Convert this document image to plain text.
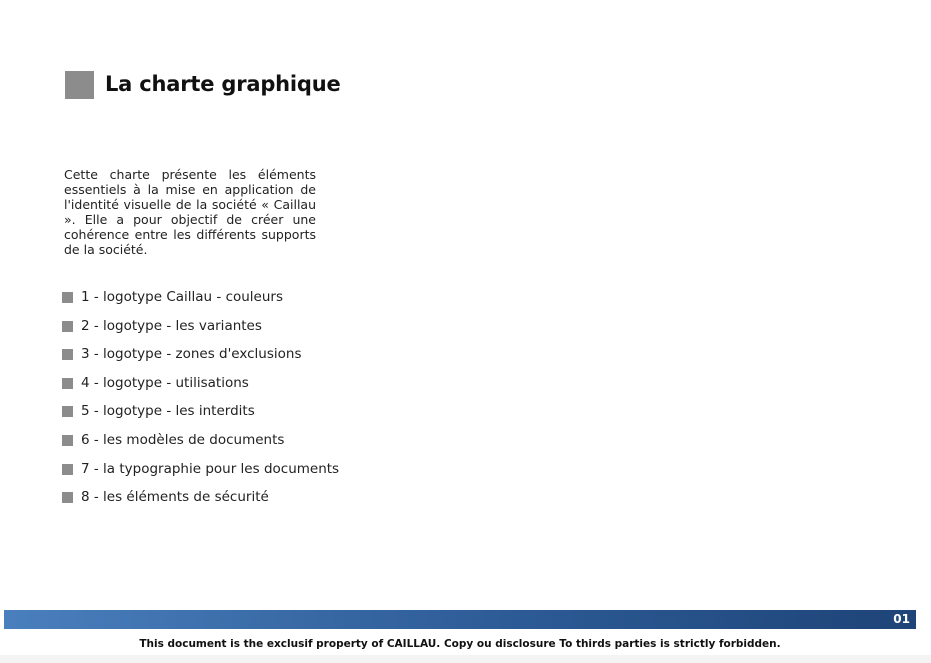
La charte graphique
Cette charte présente les éléments essentiels à la mise en application de l'identité visuelle de la société « Caillau ». Elle a pour objectif de créer une cohérence entre les différents supports de la société.
1 - logotype Caillau - couleurs
2 - logotype - les variantes
3 - logotype - zones d'exclusions
4 - logotype - utilisations
5 - logotype - les interdits
6 - les modèles de documents
7 - la typographie pour les documents
8 - les éléments de sécurité
01
This document is the exclusif property of CAILLAU. Copy ou disclosure To thirds parties is strictly forbidden.
